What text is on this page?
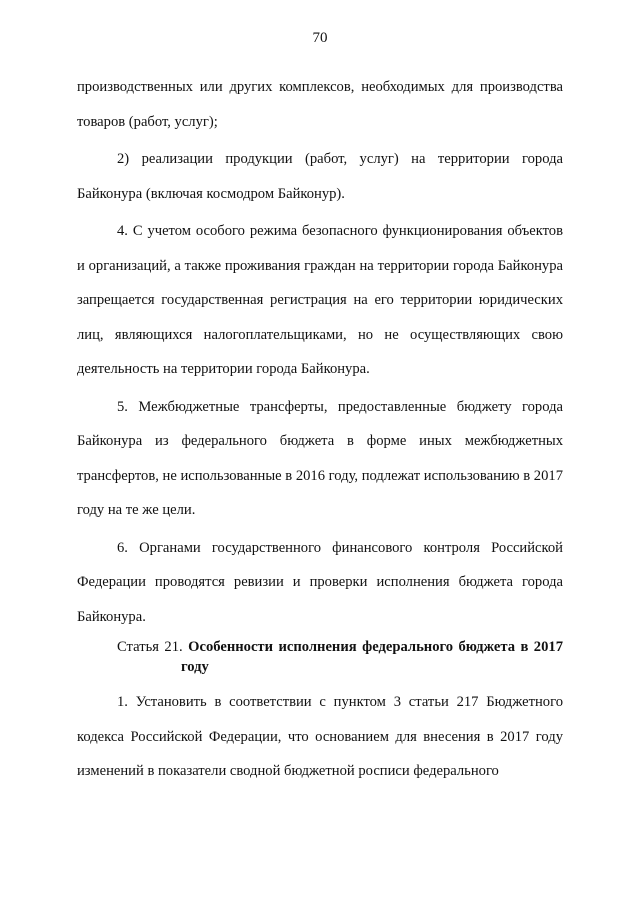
70

производственных или других комплексов, необходимых для производства товаров (работ, услуг);

2) реализации продукции (работ, услуг) на территории города Байконура (включая космодром Байконур).

4. С учетом особого режима безопасного функционирования объектов и организаций, а также проживания граждан на территории города Байконура запрещается государственная регистрация на его территории юридических лиц, являющихся налогоплательщиками, но не осуществляющих свою деятельность на территории города Байконура.

5. Межбюджетные трансферты, предоставленные бюджету города Байконура из федерального бюджета в форме иных межбюджетных трансфертов, не использованные в 2016 году, подлежат использованию в 2017 году на те же цели.

6. Органами государственного финансового контроля Российской Федерации проводятся ревизии и проверки исполнения бюджета города Байконура.

Статья 21. Особенности исполнения федерального бюджета в 2017 году

1. Установить в соответствии с пунктом 3 статьи 217 Бюджетного кодекса Российской Федерации, что основанием для внесения в 2017 году изменений в показатели сводной бюджетной росписи федерального
